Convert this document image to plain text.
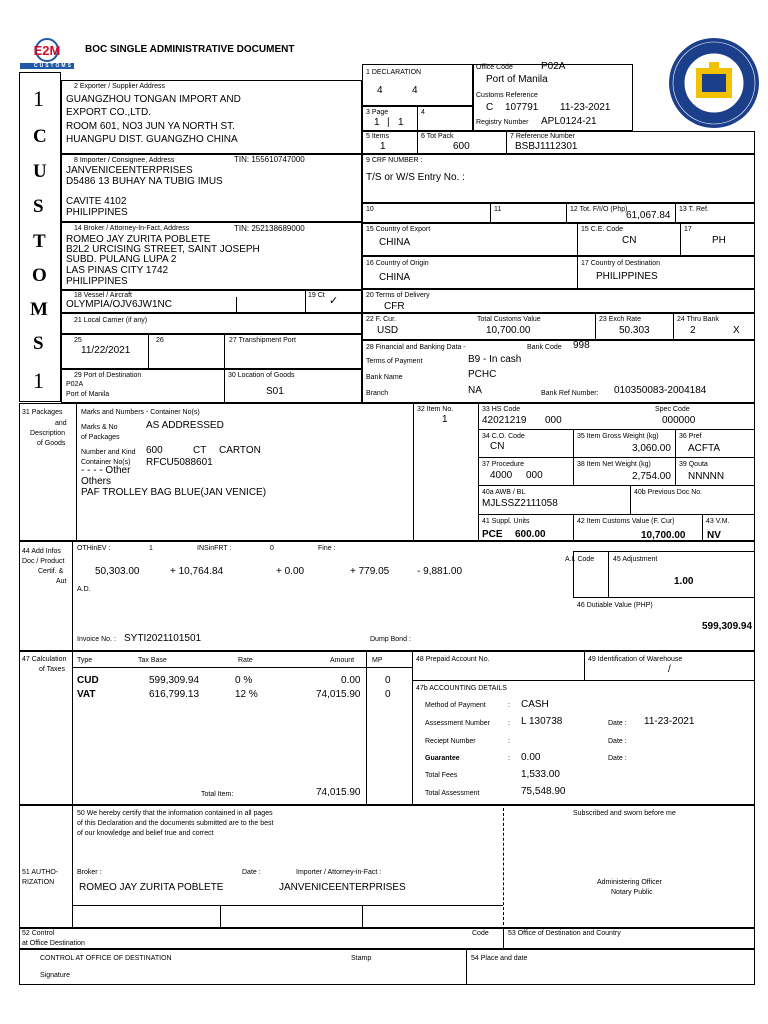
E2M
CUSTOMS
BOC SINGLE ADMINISTRATIVE DOCUMENT
1
C
U
S
T
O
M
S
1
1 DECLARATION
4	4
Office Code	P02A
Port of Manila
Customs Reference
C 107791 11-23-2021
Registry Number APL0124-21
3 Page
1 | 1
4
5 Items
1
6 Tot Pack
600
7 Reference Number
BSBJ1112301
2 Exporter / Supplier Address
GUANGZHOU TONGAN IMPORT AND
EXPORT CO.,LTD.
ROOM 601, NO3 JUN YA NORTH ST.
HUANGPU DIST. GUANGZHO CHINA
8 Importer / Consignee, Address	TIN: 155610747000
JANVENICEENTERPRISES
D5486 13 BUHAY NA TUBIG IMUS
CAVITE 4102
PHILIPPINES
9 CRF NUMBER :
T/S or W/S Entry No. :
10	11	12 Tot. F/I/O (Php)
61,067.84
13 T. Ref.
14 Broker / Attorney-In-Fact, Address	TIN: 252138689000
ROMEO JAY ZURITA POBLETE
B2L2 URCISING STREET, SAINT JOSEPH
SUBD. PULANG LUPA 2
LAS PINAS CITY 1742
PHILIPPINES
15 Country of Export
CHINA
15 C.E. Code
CN
17
PH
16 Country of Origin
CHINA
17 Country of Destination
PHILIPPINES
18 Vessel / Aircraft
OLYMPIA/OJV6JW1NC
19 Ct ✓	20 Terms of Delivery
CFR
21 Local Carrier (if any)	22 F. Cur.
USD
Total Customs Value
10,700.00
23 Exch Rate
50.303
24 Thru Bank
2	X
25
11/22/2021
26	27 Transhipment Port
28 Financial and Banking Data -	Bank Code 998
Terms of Payment	B9 - In cash
Bank Name	PCHC
Branch	NA	Bank Ref Number: 010350083-2004184
29 Port of Destination
P02A
Port of Manila
30 Location of Goods
S01
31 Packages
and
Description
of Goods
Marks and Numbers - Container No(s)
Marks & No	AS ADDRESSED
of Packages
Number and Kind 600	CT CARTON
Container No(s) RFCU5088601
- - - - Other
Others
PAF TROLLEY BAG BLUE(JAN VENICE)
32 Item No.
1
33 HS Code
42021219 000
Spec Code
000000
34 C.O. Code
CN
35 Item Gross Weight (kg)
3,060.00
36 Pref
ACFTA
37 Procedure
4000 000
38 Item Net Weight (kg)
2,754.00
39 Qouta
NNNNN
40a AWB / BL
MJLSSZ2111058
40b Previous Doc No.
41 Suppl. Units
PCE 600.00
42 Item Customs Value (F. Cur)
10,700.00
43 V.M.
NV
44 Add Infos
Doc / Product
Certif. &
Aut
OTHinEV :	1	INSinFRT :	0	Fine :
50,303.00	+ 10,764.84	+ 0.00	+ 779.05	- 9,881.00
A.D.
A.I. Code	45 Adjustment
1.00
46 Dutiable Value (PHP)
599,309.94
Invoice No. : SYTI2021101501	Dump Bond :
47 Calculation
of Taxes
Type	Tax Base	Rate	Amount	MP
CUD	599,309.94	0 %	0.00 0
VAT	616,799.13	12 %	74,015.90 0
Total Item:	74,015.90
48 Prepaid Account No.	49 Identification of Warehouse
/
47b ACCOUNTING DETAILS
Method of Payment	: CASH
Assessment Number	: L 130738	Date : 11-23-2021
Reciept Number	:	Date :
Guarantee	: 0.00	Date :
Total Fees	1,533.00
Total Assessment	75,548.90
50 We hereby certify that the information contained in all pages
of this Declaration and the documents submitted are to the best
of our knowledge and belief true and correct
Subscribed and sworn before me
51 AUTHO-
RIZATION
Broker :	Date :	Importer / Attorney-in-Fact :
ROMEO JAY ZURITA POBLETE	JANVENICEENTERPRISES	Administering Officer
Notary Public
52 Control
at Office Destination
Code	53 Office of Destination and Country
CONTROL AT OFFICE OF DESTINATION	Stamp	54 Place and date
Signature
